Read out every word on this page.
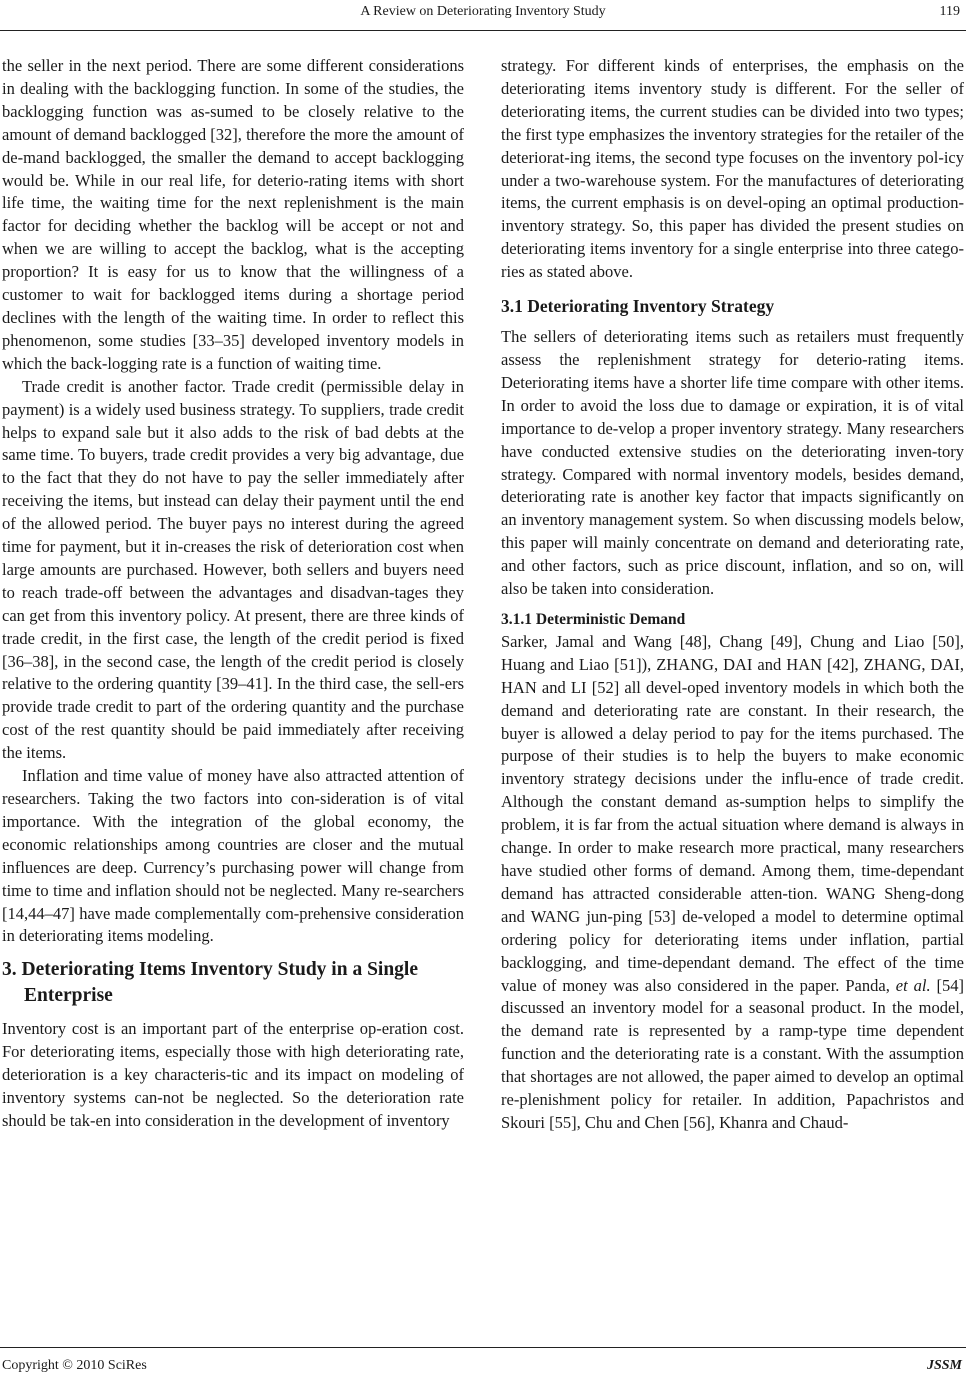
A Review on Deteriorating Inventory Study	119

the seller in the next period. There are some different considerations in dealing with the backlogging function. In some of the studies, the backlogging function was as-sumed to be closely relative to the amount of demand backlogged [32], therefore the more the amount of de-mand backlogged, the smaller the demand to accept backlogging would be. While in our real life, for deterio-rating items with short life time, the waiting time for the next replenishment is the main factor for deciding whether the backlog will be accept or not and when we are willing to accept the backlog, what is the accepting proportion? It is easy for us to know that the willingness of a customer to wait for backlogged items during a shortage period declines with the length of the waiting time. In order to reflect this phenomenon, some studies [33–35] developed inventory models in which the back-logging rate is a function of waiting time.

Trade credit is another factor. Trade credit (permissible delay in payment) is a widely used business strategy. To suppliers, trade credit helps to expand sale but it also adds to the risk of bad debts at the same time. To buyers, trade credit provides a very big advantage, due to the fact that they do not have to pay the seller immediately after receiving the items, but instead can delay their payment until the end of the allowed period. The buyer pays no interest during the agreed time for payment, but it in-creases the risk of deterioration cost when large amounts are purchased. However, both sellers and buyers need to reach trade-off between the advantages and disadvan-tages they can get from this inventory policy. At present, there are three kinds of trade credit, in the first case, the length of the credit period is fixed [36–38], in the second case, the length of the credit period is closely relative to the ordering quantity [39–41]. In the third case, the sell-ers provide trade credit to part of the ordering quantity and the purchase cost of the rest quantity should be paid immediately after receiving the items.

Inflation and time value of money have also attracted attention of researchers. Taking the two factors into con-sideration is of vital importance. With the integration of the global economy, the economic relationships among countries are closer and the mutual influences are deep. Currency’s purchasing power will change from time to time and inflation should not be neglected. Many re-searchers [14,44–47] have made complementally com-prehensive consideration in deteriorating items modeling.

3. Deteriorating Items Inventory Study in a Single Enterprise

Inventory cost is an important part of the enterprise op-eration cost. For deteriorating items, especially those with high deteriorating rate, deterioration is a key characteris-tic and its impact on modeling of inventory systems can-not be neglected. So the deterioration rate should be tak-en into consideration in the development of inventory

strategy. For different kinds of enterprises, the emphasis on the deteriorating items inventory study is different. For the seller of deteriorating items, the current studies can be divided into two types; the first type emphasizes the inventory strategies for the retailer of the deteriorat-ing items, the second type focuses on the inventory pol-icy under a two-warehouse system. For the manufactures of deteriorating items, the current emphasis is on devel-oping an optimal production-inventory strategy. So, this paper has divided the present studies on deteriorating items inventory for a single enterprise into three catego-ries as stated above.

3.1 Deteriorating Inventory Strategy

The sellers of deteriorating items such as retailers must frequently assess the replenishment strategy for deterio-rating items. Deteriorating items have a shorter life time compare with other items. In order to avoid the loss due to damage or expiration, it is of vital importance to de-velop a proper inventory strategy. Many researchers have conducted extensive studies on the deteriorating inven-tory strategy. Compared with normal inventory models, besides demand, deteriorating rate is another key factor that impacts significantly on an inventory management system. So when discussing models below, this paper will mainly concentrate on demand and deteriorating rate, and other factors, such as price discount, inflation, and so on, will also be taken into consideration.

3.1.1 Deterministic Demand

Sarker, Jamal and Wang [48], Chang [49], Chung and Liao [50], Huang and Liao [51]), ZHANG, DAI and HAN [42], ZHANG, DAI, HAN and LI [52] all devel-oped inventory models in which both the demand and deteriorating rate are constant. In their research, the buyer is allowed a delay period to pay for the items purchased. The purpose of their studies is to help the buyers to make economic inventory strategy decisions under the influ-ence of trade credit. Although the constant demand as-sumption helps to simplify the problem, it is far from the actual situation where demand is always in change. In order to make research more practical, many researchers have studied other forms of demand. Among them, time-dependant demand has attracted considerable atten-tion. WANG Sheng-dong and WANG jun-ping [53] de-veloped a model to determine optimal ordering policy for deteriorating items under inflation, partial backlogging, and time-dependant demand. The effect of the time value of money was also considered in the paper. Panda, et al. [54] discussed an inventory model for a seasonal product. In the model, the demand rate is represented by a ramp-type time dependent function and the deteriorating rate is a constant. With the assumption that shortages are not allowed, the paper aimed to develop an optimal re-plenishment policy for retailer. In addition, Papachristos and Skouri [55], Chu and Chen [56], Khanra and Chaud-

Copyright © 2010 SciRes	JSSM
